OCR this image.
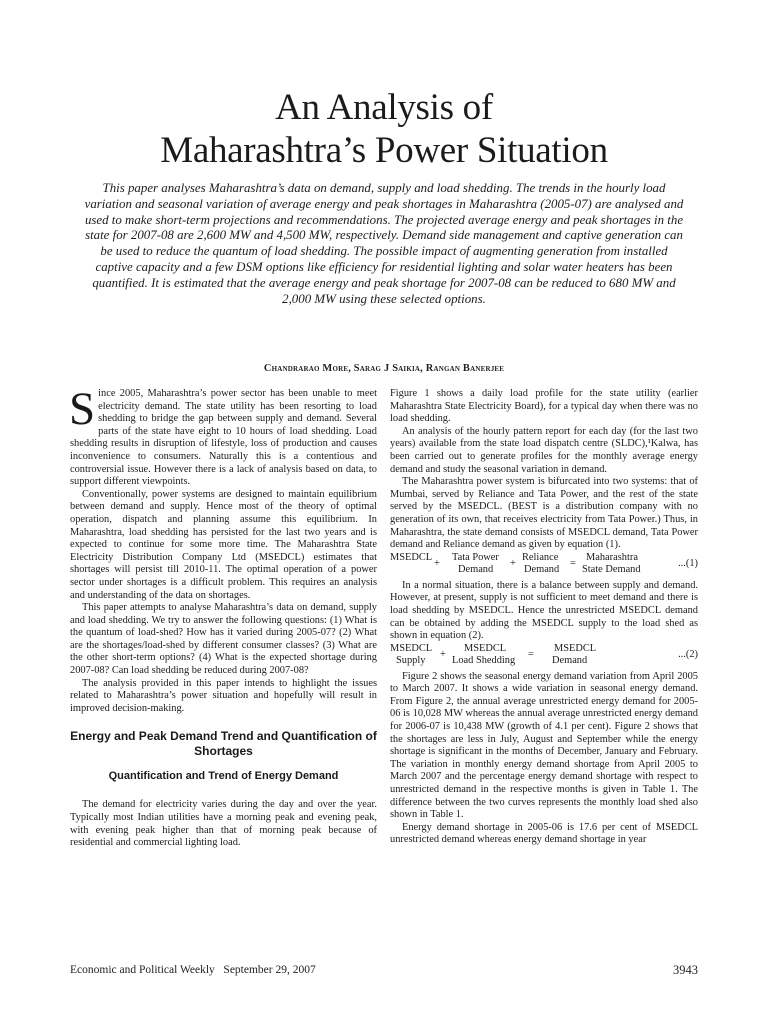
An Analysis of
Maharashtra’s Power Situation
This paper analyses Maharashtra’s data on demand, supply and load shedding. The trends in the hourly load variation and seasonal variation of average energy and peak shortages in Maharashtra (2005-07) are analysed and used to make short-term projections and recommendations. The projected average energy and peak shortages in the state for 2007-08 are 2,600 MW and 4,500 MW, respectively. Demand side management and captive generation can be used to reduce the quantum of load shedding. The possible impact of augmenting generation from installed captive capacity and a few DSM options like efficiency for residential lighting and solar water heaters has been quantified. It is estimated that the average energy and peak shortage for 2007-08 can be reduced to 680 MW and 2,000 MW using these selected options.
Chandrarao More, Sarag J Saikia, Rangan Banerjee

Since 2005, Maharashtra’s power sector has been unable to meet electricity demand. The state utility has been resorting to load shedding to bridge the gap between supply and demand. Several parts of the state have eight to 10 hours of load shedding. Load shedding results in disruption of lifestyle, loss of production and causes inconvenience to consumers. Naturally this is a contentious and controversial issue. However there is a lack of analysis based on data, to support different viewpoints.

Conventionally, power systems are designed to maintain equilibrium between demand and supply. Hence most of the theory of optimal operation, dispatch and planning assume this equilibrium. In Maharashtra, load shedding has persisted for the last two years and is expected to continue for some more time. The Maharashtra State Electricity Distribution Company Ltd (MSEDCL) estimates that shortages will persist till 2010-11. The optimal operation of a power sector under shortages is a difficult problem. This requires an analysis and understanding of the data on shortages.

This paper attempts to analyse Maharashtra’s data on demand, supply and load shedding. We try to answer the following questions: (1) What is the quantum of load-shed? How has it varied during 2005-07? (2) What are the shortages/load-shed by different consumer classes? (3) What are the other short-term options? (4) What is the expected shortage during 2007-08? Can load shedding be reduced during 2007-08?

The analysis provided in this paper intends to highlight the issues related to Maharashtra’s power situation and hopefully will result in improved decision-making.

Energy and Peak Demand Trend and Quantification of Shortages
Quantification and Trend of Energy Demand

The demand for electricity varies during the day and over the year. Typically most Indian utilities have a morning peak and evening peak, with evening peak higher than that of morning peak because of residential and commercial lighting load.

Figure 1 shows a daily load profile for the state utility (earlier Maharashtra State Electricity Board), for a typical day when there was no load shedding.

An analysis of the hourly pattern report for each day (for the last two years) available from the state load dispatch centre (SLDC),¹Kalwa, has been carried out to generate profiles for the monthly average energy demand and study the seasonal variation in demand.

The Maharashtra power system is bifurcated into two systems: that of Mumbai, served by Reliance and Tata Power, and the rest of the state served by the MSEDCL. (BEST is a distribution company with no generation of its own, that receives electricity from Tata Power.) Thus, in Maharashtra, the state demand consists of MSEDCL demand, Tata Power demand and Reliance demand as given by equation (1).

MSEDCL
+
Tata Power
Demand
+
Reliance
Demand
=
Maharashtra
State Demand
...(1)

In a normal situation, there is a balance between supply and demand. However, at present, supply is not sufficient to meet demand and there is load shedding by MSEDCL. Hence the unrestricted MSEDCL demand can be obtained by adding the MSEDCL supply to the load shed as shown in equation (2).

MSEDCL
Supply
+
MSEDCL
Load Shedding
=
MSEDCL
Demand
...(2)

Figure 2 shows the seasonal energy demand variation from April 2005 to March 2007. It shows a wide variation in seasonal energy demand. From Figure 2, the annual average unrestricted energy demand for 2005-06 is 10,028 MW whereas the annual average unrestricted energy demand for 2006-07 is 10,438 MW (growth of 4.1 per cent). Figure 2 shows that the shortages are less in July, August and September while the energy shortage is significant in the months of December, January and February. The variation in monthly energy demand shortage from April 2005 to March 2007 and the percentage energy demand shortage with respect to unrestricted demand in the respective months is given in Table 1. The difference between the two curves represents the monthly load shed also shown in Table 1.

Energy demand shortage in 2005-06 is 17.6 per cent of MSEDCL unrestricted demand whereas energy demand shortage in year

Economic and Political Weekly   September 29, 2007	3943
